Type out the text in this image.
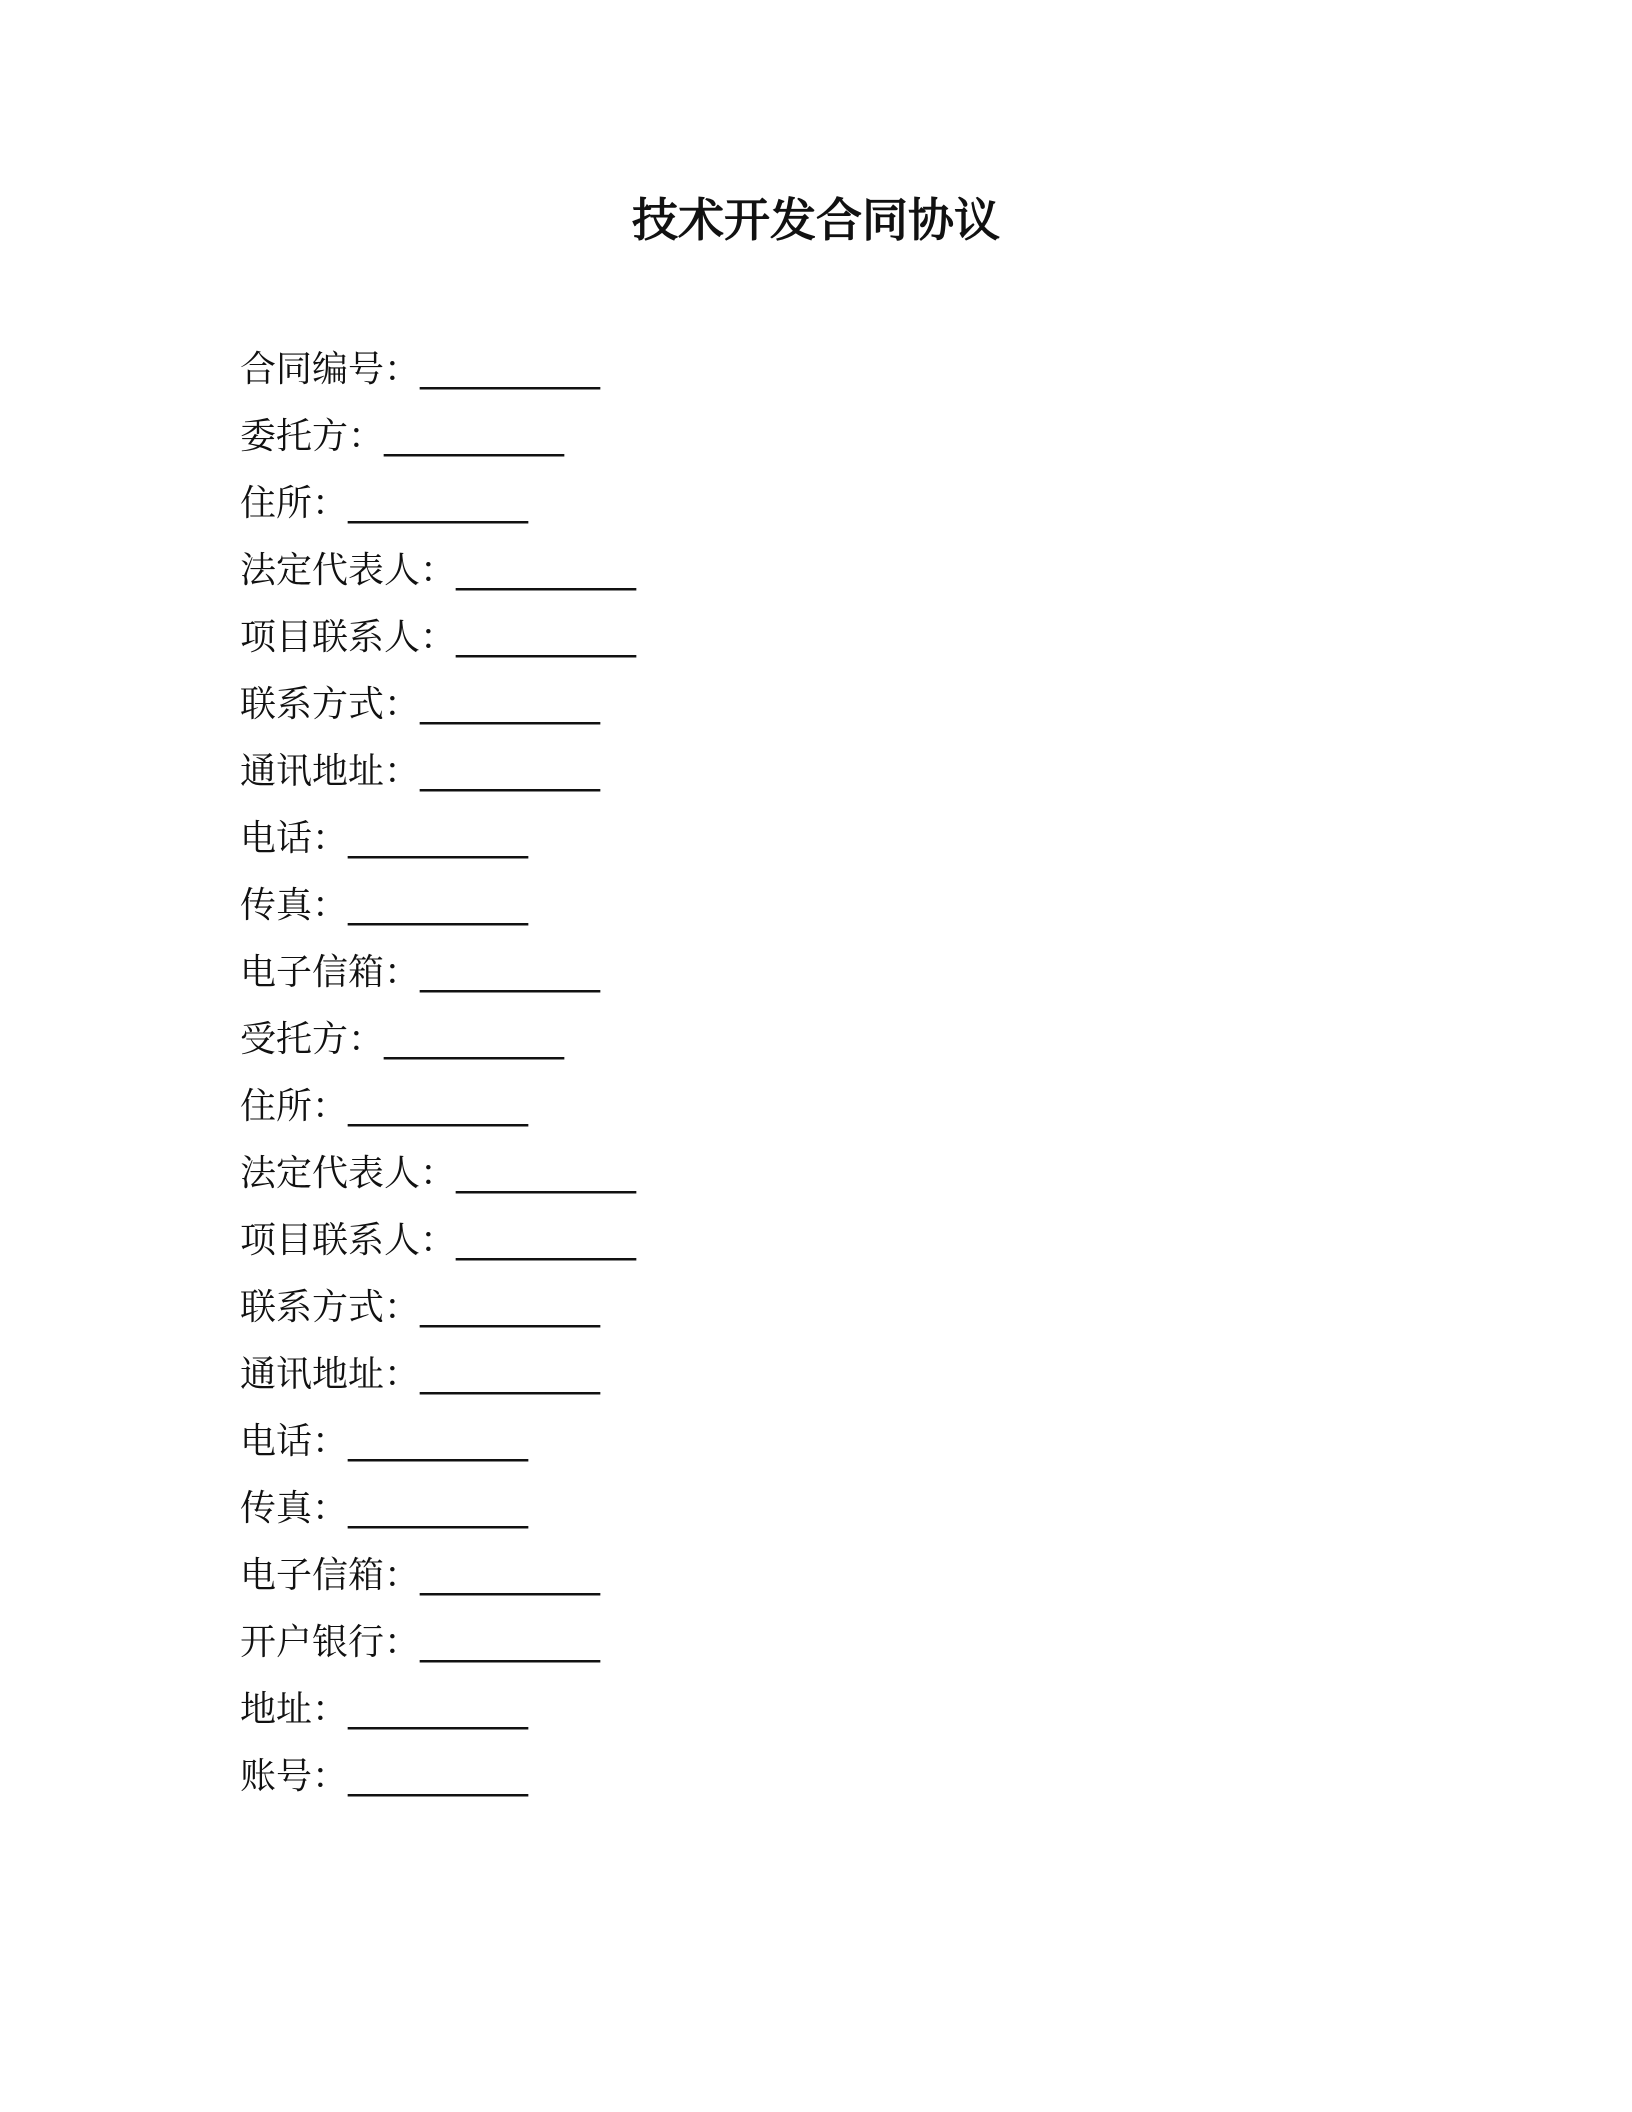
技术开发合同协议
合同编号：__________
委托方：__________
住所：__________
法定代表人：__________
项目联系人：__________
联系方式：__________
通讯地址：__________
电话：__________
传真：__________
电子信箱：__________
受托方：__________
住所：__________
法定代表人：__________
项目联系人：__________
联系方式：__________
通讯地址：__________
电话：__________
传真：__________
电子信箱：__________
开户银行：__________
地址：__________
账号：__________
